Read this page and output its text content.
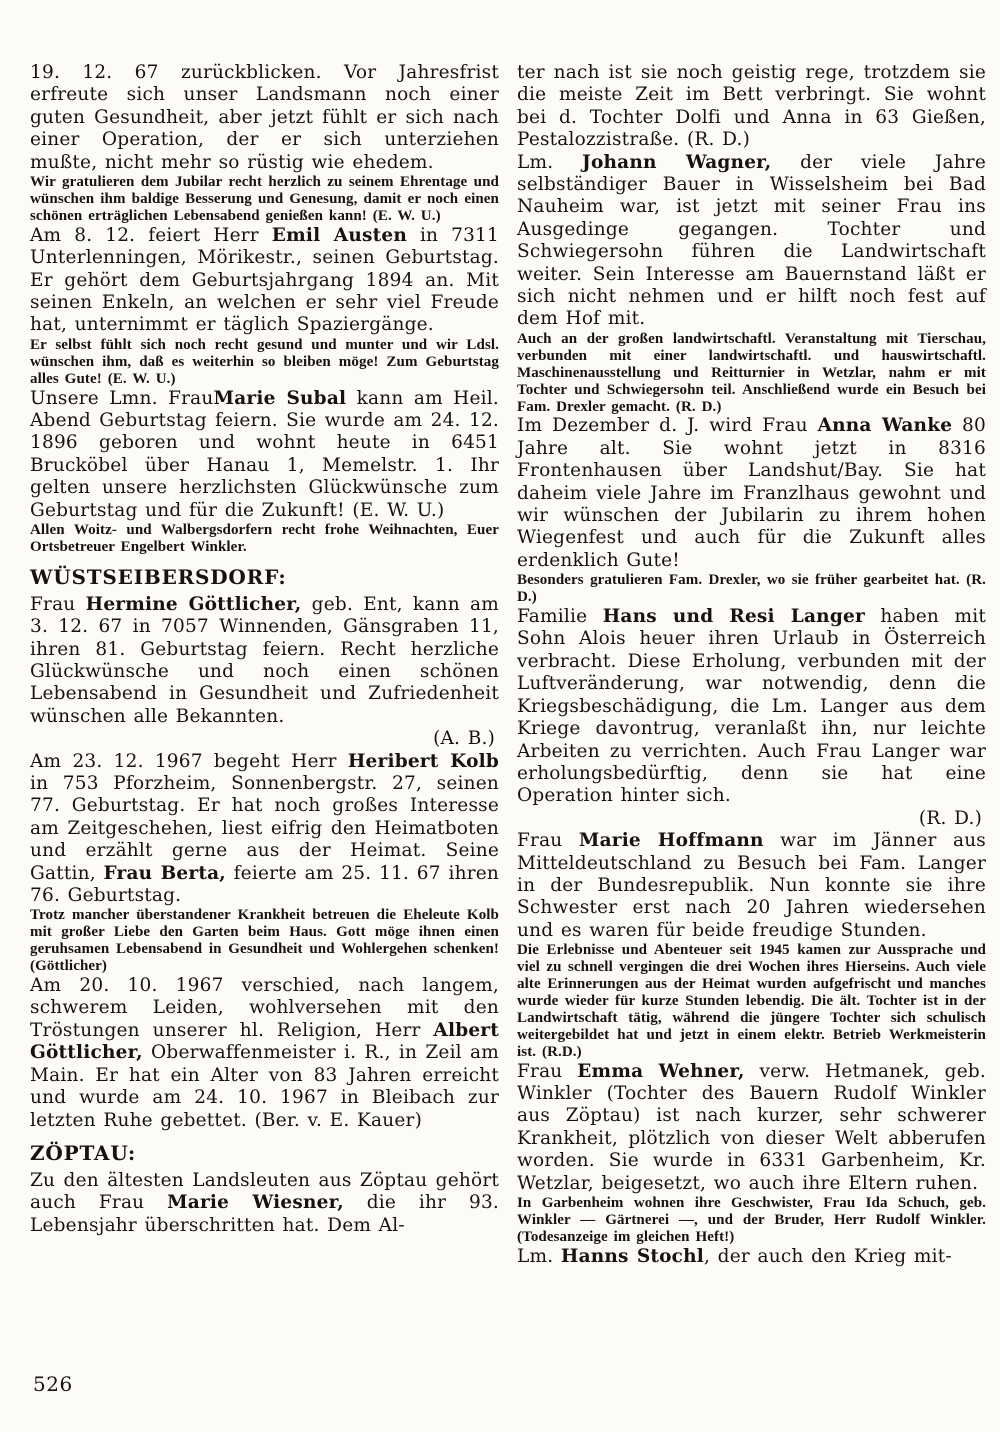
19. 12. 67 zurückblicken. Vor Jahresfrist erfreute sich unser Landsmann noch einer guten Gesundheit, aber jetzt fühlt er sich nach einer Operation, der er sich unterziehen mußte, nicht mehr so rüstig wie ehedem.

Wir gratulieren dem Jubilar recht herzlich zu seinem Ehrentage und wünschen ihm baldige Besserung und Genesung, damit er noch einen schönen erträglichen Lebensabend genießen kann! (E. W. U.)

Am 8. 12. feiert Herr Emil Austen in 7311 Unterlenningen, Mörikestr., seinen Geburtstag. Er gehört dem Geburtsjahrgang 1894 an. Mit seinen Enkeln, an welchen er sehr viel Freude hat, unternimmt er täglich Spaziergänge.

Er selbst fühlt sich noch recht gesund und munter und wir Ldsl. wünschen ihm, daß es weiterhin so bleiben möge! Zum Geburtstag alles Gute! (E. W. U.)

Unsere Lmn. FrauMarie Subal kann am Heil. Abend Geburtstag feiern. Sie wurde am 24. 12. 1896 geboren und wohnt heute in 6451 Brucköbel über Hanau 1, Memelstr. 1. Ihr gelten unsere herzlichsten Glückwünsche zum Geburtstag und für die Zukunft! (E. W. U.)

Allen Woitz- und Walbergsdorfern recht frohe Weihnachten, Euer Ortsbetreuer Engelbert Winkler.

WÜSTSEIBERSDORF:

Frau Hermine Göttlicher, geb. Ent, kann am 3. 12. 67 in 7057 Winnenden, Gänsgraben 11, ihren 81. Geburtstag feiern. Recht herzliche Glückwünsche und noch einen schönen Lebensabend in Gesundheit und Zufriedenheit wünschen alle Bekannten.

(A. B.)

Am 23. 12. 1967 begeht Herr Heribert Kolb in 753 Pforzheim, Sonnenbergstr. 27, seinen 77. Geburtstag. Er hat noch großes Interesse am Zeitgeschehen, liest eifrig den Heimatboten und erzählt gerne aus der Heimat. Seine Gattin, Frau Berta, feierte am 25. 11. 67 ihren 76. Geburtstag.

Trotz mancher überstandener Krankheit betreuen die Eheleute Kolb mit großer Liebe den Garten beim Haus. Gott möge ihnen einen geruhsamen Lebensabend in Gesundheit und Wohlergehen schenken! (Göttlicher)

Am 20. 10. 1967 verschied, nach langem, schwerem Leiden, wohlversehen mit den Tröstungen unserer hl. Religion, Herr Albert Göttlicher, Oberwaffenmeister i. R., in Zeil am Main. Er hat ein Alter von 83 Jahren erreicht und wurde am 24. 10. 1967 in Bleibach zur letzten Ruhe gebettet. (Ber. v. E. Kauer)

ZÖPTAU:

Zu den ältesten Landsleuten aus Zöptau gehört auch Frau Marie Wiesner, die ihr 93. Lebensjahr überschritten hat. Dem Al-

ter nach ist sie noch geistig rege, trotzdem sie die meiste Zeit im Bett verbringt. Sie wohnt bei d. Tochter Dolfi und Anna in 63 Gießen, Pestalozzistraße. (R. D.)

Lm. Johann Wagner, der viele Jahre selbständiger Bauer in Wisselsheim bei Bad Nauheim war, ist jetzt mit seiner Frau ins Ausgedinge gegangen. Tochter und Schwiegersohn führen die Landwirtschaft weiter. Sein Interesse am Bauernstand läßt er sich nicht nehmen und er hilft noch fest auf dem Hof mit.

Auch an der großen landwirtschaftl. Veranstaltung mit Tierschau, verbunden mit einer landwirtschaftl. und hauswirtschaftl. Maschinenausstellung und Reitturnier in Wetzlar, nahm er mit Tochter und Schwiegersohn teil. Anschließend wurde ein Besuch bei Fam. Drexler gemacht. (R. D.)

Im Dezember d. J. wird Frau Anna Wanke 80 Jahre alt. Sie wohnt jetzt in 8316 Frontenhausen über Landshut/Bay. Sie hat daheim viele Jahre im Franzlhaus gewohnt und wir wünschen der Jubilarin zu ihrem hohen Wiegenfest und auch für die Zukunft alles erdenklich Gute!

Besonders gratulieren Fam. Drexler, wo sie früher gearbeitet hat. (R. D.)

Familie Hans und Resi Langer haben mit Sohn Alois heuer ihren Urlaub in Österreich verbracht. Diese Erholung, verbunden mit der Luftveränderung, war notwendig, denn die Kriegsbeschädigung, die Lm. Langer aus dem Kriege davontrug, veranlaßt ihn, nur leichte Arbeiten zu verrichten. Auch Frau Langer war erholungsbedürftig, denn sie hat eine Operation hinter sich.

(R. D.)

Frau Marie Hoffmann war im Jänner aus Mitteldeutschland zu Besuch bei Fam. Langer in der Bundesrepublik. Nun konnte sie ihre Schwester erst nach 20 Jahren wiedersehen und es waren für beide freudige Stunden.

Die Erlebnisse und Abenteuer seit 1945 kamen zur Aussprache und viel zu schnell vergingen die drei Wochen ihres Hierseins. Auch viele alte Erinnerungen aus der Heimat wurden aufgefrischt und manches wurde wieder für kurze Stunden lebendig. Die ält. Tochter ist in der Landwirtschaft tätig, während die jüngere Tochter sich schulisch weitergebildet hat und jetzt in einem elektr. Betrieb Werkmeisterin ist. (R.D.)

Frau Emma Wehner, verw. Hetmanek, geb. Winkler (Tochter des Bauern Rudolf Winkler aus Zöptau) ist nach kurzer, sehr schwerer Krankheit, plötzlich von dieser Welt abberufen worden. Sie wurde in 6331 Garbenheim, Kr. Wetzlar, beigesetzt, wo auch ihre Eltern ruhen.

In Garbenheim wohnen ihre Geschwister, Frau Ida Schuch, geb. Winkler — Gärtnerei —, und der Bruder, Herr Rudolf Winkler. (Todesanzeige im gleichen Heft!)

Lm. Hanns Stochl, der auch den Krieg mit-

526
